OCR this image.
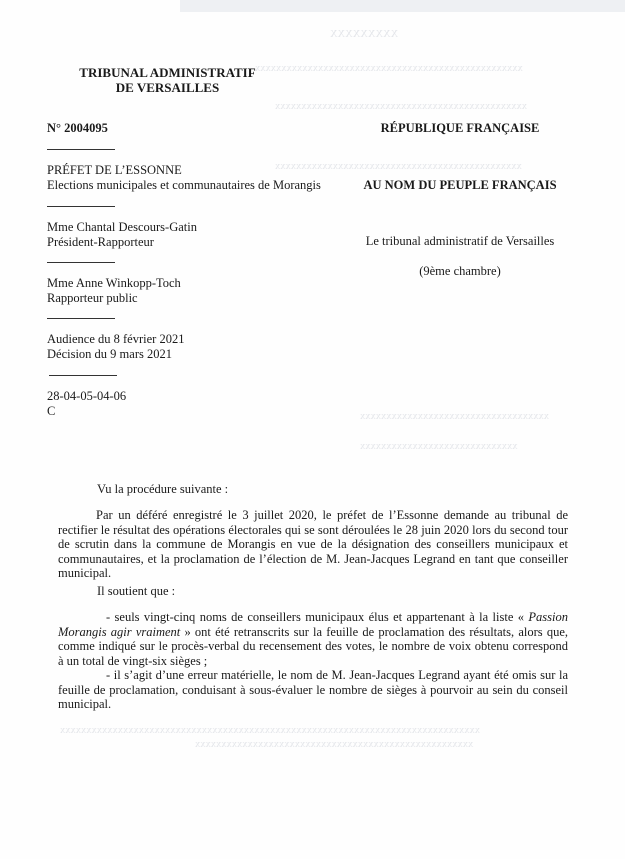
XXXXXXXXX
xxxxxxxxxxxxxxxxxxxxxxxxxxxxxxxxxxxxxxxxxxxxxxxxxxx
xxxxxxxxxxxxxxxxxxxxxxxxxxxxxxxxxxxxxxxxxxxxxxxx
xxxxxxxxxxxxxxxxxxxxxxxxxxxxxxxxxxxxxxxxxxxxxxx
xxxxxxxxxxxxxxxxxxxxxxxxxxxxxxxxxxxx
xxxxxxxxxxxxxxxxxxxxxxxxxxxxxx
xxxxxxxxxxxxxxxxxxxxxxxxxxxxxxxxxxxxxxxxxxxxxxxxxxxxxxxxxxxxxxxxxxxxxxxxxxxxxxxx
xxxxxxxxxxxxxxxxxxxxxxxxxxxxxxxxxxxxxxxxxxxxxxxxxxxxx
TRIBUNAL ADMINISTRATIF
DE VERSAILLES
N° 2004095
PRÉFET DE L’ESSONNE
Elections municipales et communautaires de Morangis
Mme Chantal Descours-Gatin
Président-Rapporteur
Mme Anne Winkopp-Toch
Rapporteur public
Audience du 8 février 2021
Décision du 9 mars 2021
28-04-05-04-06
C
RÉPUBLIQUE FRANÇAISE
AU NOM DU PEUPLE FRANÇAIS
Le tribunal administratif de Versailles
(9ème chambre)
Vu la procédure suivante :
Par un déféré enregistré le 3 juillet 2020, le préfet de l’Essonne demande au tribunal de rectifier le résultat des opérations électorales qui se sont déroulées le 28 juin 2020 lors du second tour de scrutin dans la commune de Morangis en vue de la désignation des conseillers municipaux et communautaires, et la proclamation de l’élection de M. Jean-Jacques Legrand en tant que conseiller municipal.
Il soutient que :
- seuls vingt-cinq noms de conseillers municipaux élus et appartenant à la liste « Passion Morangis agir vraiment » ont été retranscrits sur la feuille de proclamation des résultats, alors que, comme indiqué sur le procès-verbal du recensement des votes, le nombre de voix obtenu correspond à un total de vingt-six sièges ;
- il s’agit d’une erreur matérielle, le nom de M. Jean-Jacques Legrand ayant été omis sur la feuille de proclamation, conduisant à sous-évaluer le nombre de sièges à pourvoir au sein du conseil municipal.
